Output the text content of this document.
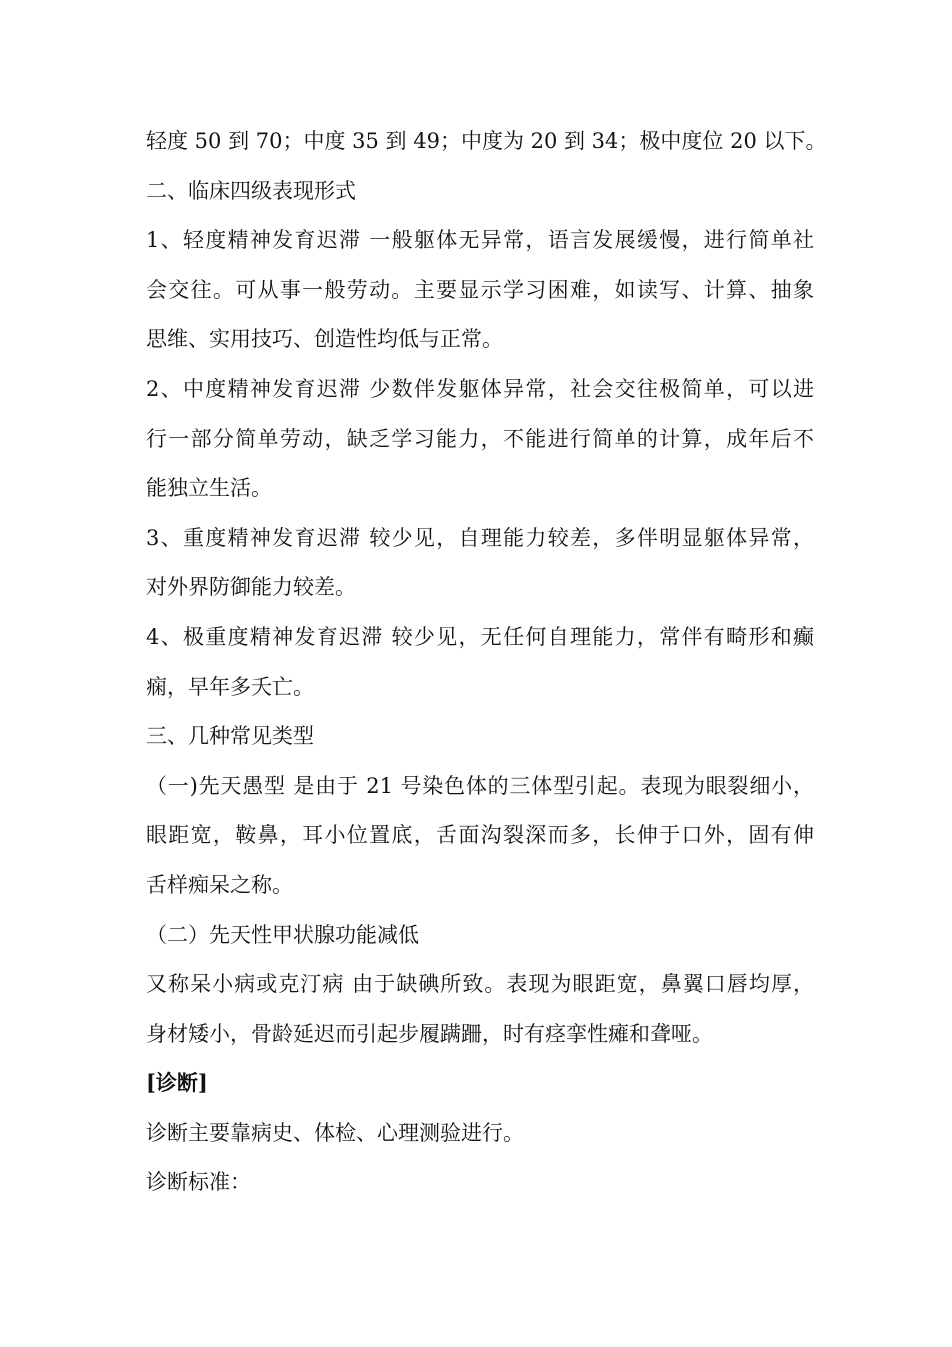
轻度 50 到 70；中度 35 到 49；中度为 20 到 34；极中度位 20 以下。
二、临床四级表现形式
1、轻度精神发育迟滞 一般躯体无异常，语言发展缓慢，进行简单社
会交往。可从事一般劳动。主要显示学习困难，如读写、计算、抽象
思维、实用技巧、创造性均低与正常。
2、中度精神发育迟滞 少数伴发躯体异常，社会交往极简单，可以进
行一部分简单劳动，缺乏学习能力，不能进行简单的计算，成年后不
能独立生活。
3、重度精神发育迟滞 较少见，自理能力较差，多伴明显躯体异常，
对外界防御能力较差。
4、极重度精神发育迟滞 较少见，无任何自理能力，常伴有畸形和癫
痫，早年多夭亡。
三、几种常见类型
（一)先天愚型 是由于 21 号染色体的三体型引起。表现为眼裂细小，
眼距宽，鞍鼻，耳小位置底，舌面沟裂深而多，长伸于口外，固有伸
舌样痴呆之称。
（二）先天性甲状腺功能减低
又称呆小病或克汀病 由于缺碘所致。表现为眼距宽，鼻翼口唇均厚，
身材矮小，骨龄延迟而引起步履蹒跚，时有痉挛性瘫和聋哑。
[诊断]
诊断主要靠病史、体检、心理测验进行。
诊断标准：
